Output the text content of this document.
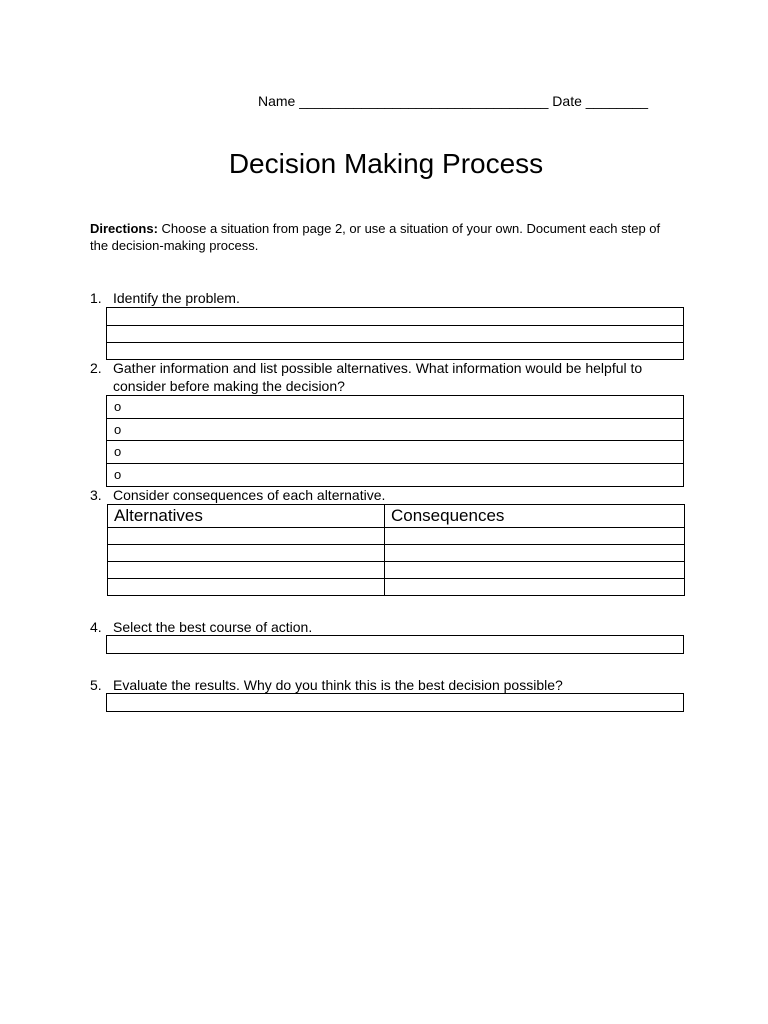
Name ________________________________ Date ________
Decision Making Process
Directions: Choose a situation from page 2, or use a situation of your own. Document each step of the decision-making process.
1. Identify the problem.
2. Gather information and list possible alternatives. What information would be helpful to consider before making the decision?
o
o
o
o
3. Consider consequences of each alternative.
Alternatives	Consequences

4. Select the best course of action.
5. Evaluate the results. Why do you think this is the best decision possible?
